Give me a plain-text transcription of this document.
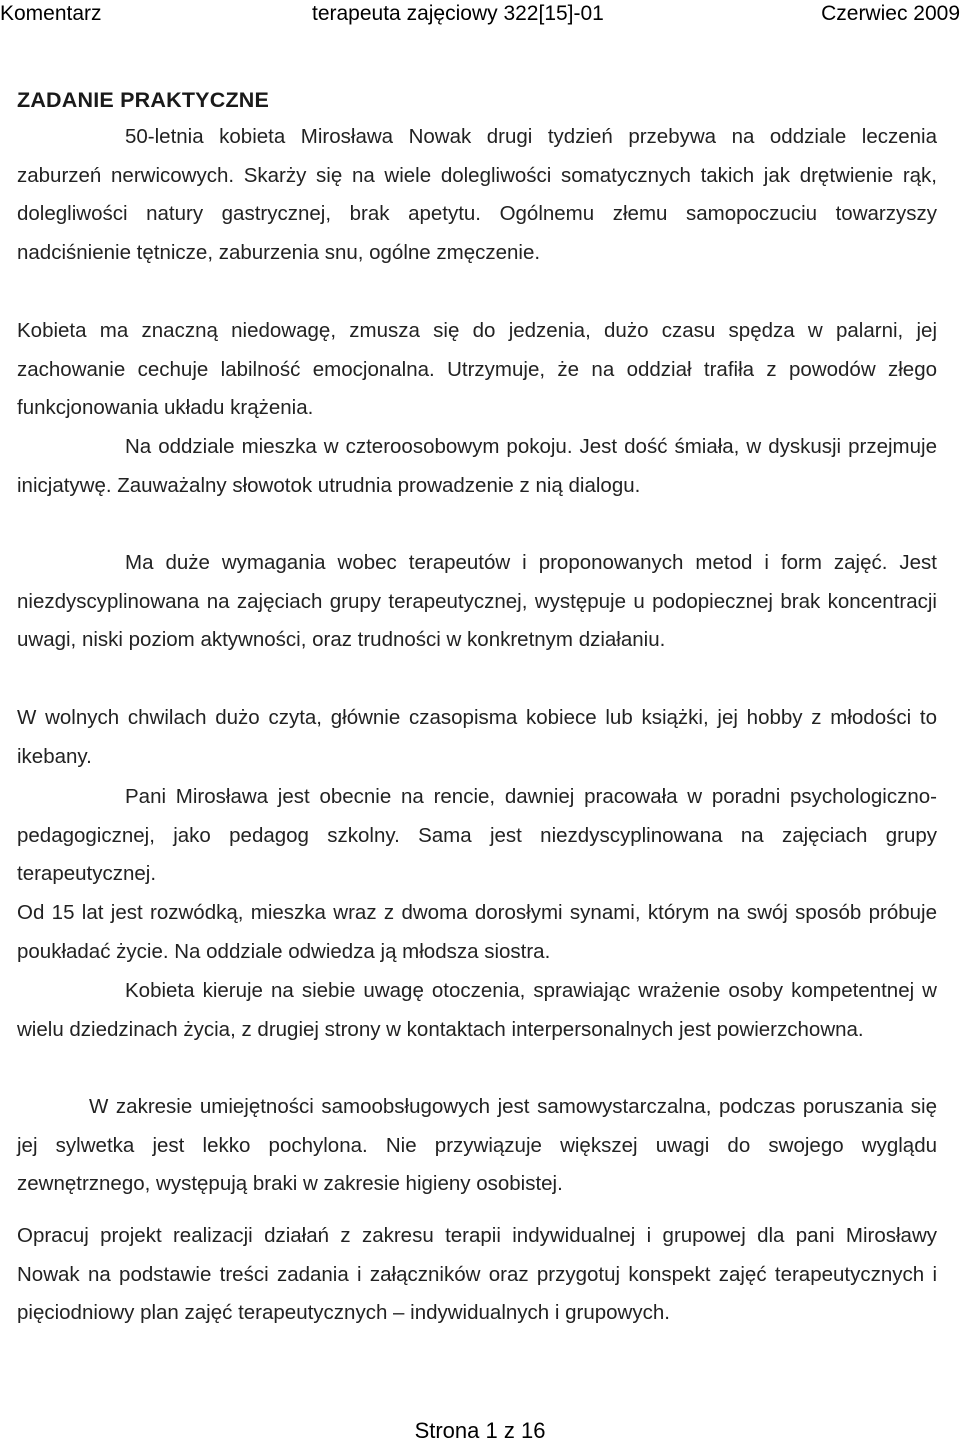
Komentarz	terapeuta zajęciowy 322[15]-01	Czerwiec 2009
ZADANIE PRAKTYCZNE

50-letnia kobieta Mirosława Nowak drugi tydzień przebywa na oddziale leczenia zaburzeń nerwicowych. Skarży się na wiele dolegliwości somatycznych takich jak drętwienie rąk, dolegliwości natury gastrycznej, brak apetytu. Ogólnemu złemu samopoczuciu towarzyszy nadciśnienie tętnicze, zaburzenia snu, ogólne zmęczenie.

Kobieta ma znaczną niedowagę, zmusza się do jedzenia, dużo czasu spędza w palarni, jej zachowanie cechuje labilność emocjonalna. Utrzymuje, że na oddział trafiła z powodów złego funkcjonowania układu krążenia.

Na oddziale mieszka w czteroosobowym pokoju. Jest dość śmiała, w dyskusji przejmuje inicjatywę. Zauważalny słowotok utrudnia prowadzenie z nią dialogu.

Ma duże wymagania wobec terapeutów i proponowanych metod i form zajęć. Jest niezdyscyplinowana na zajęciach grupy terapeutycznej, występuje u podopiecznej brak koncentracji uwagi, niski poziom aktywności, oraz trudności w konkretnym działaniu.

W wolnych chwilach dużo czyta, głównie czasopisma kobiece lub książki, jej hobby z młodości to ikebany.

Pani Mirosława jest obecnie na rencie, dawniej pracowała w poradni psychologiczno-pedagogicznej, jako pedagog szkolny. Sama jest niezdyscyplinowana na zajęciach grupy terapeutycznej.

Od 15 lat jest rozwódką, mieszka wraz z dwoma dorosłymi synami, którym na swój sposób próbuje poukładać życie. Na oddziale odwiedza ją młodsza siostra.

Kobieta kieruje na siebie uwagę otoczenia, sprawiając wrażenie osoby kompetentnej w wielu dziedzinach życia, z drugiej strony w kontaktach interpersonalnych jest powierzchowna.

W zakresie umiejętności samoobsługowych jest samowystarczalna, podczas poruszania się jej sylwetka jest lekko pochylona. Nie przywiązuje większej uwagi do swojego wyglądu zewnętrznego, występują braki w zakresie higieny osobistej.

Opracuj projekt realizacji działań z zakresu terapii indywidualnej i grupowej dla pani Mirosławy Nowak na podstawie treści zadania i załączników oraz przygotuj konspekt zajęć terapeutycznych i pięciodniowy plan zajęć terapeutycznych – indywidualnych i grupowych.

Strona 1 z 16
